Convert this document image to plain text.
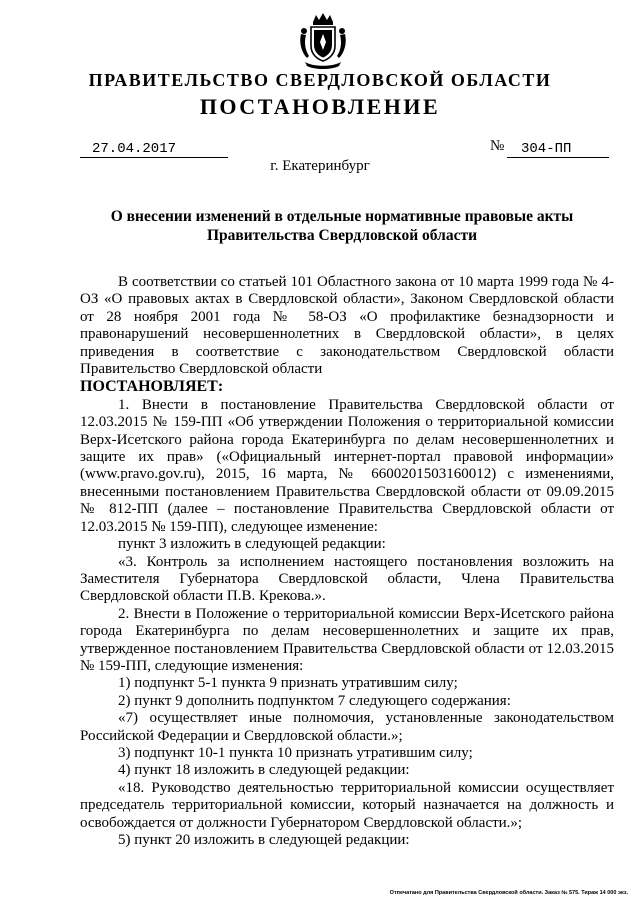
ПРАВИТЕЛЬСТВО СВЕРДЛОВСКОЙ ОБЛАСТИ
ПОСТАНОВЛЕНИЕ
27.04.2017	№	304-ПП
г. Екатеринбург
О внесении изменений в отдельные нормативные правовые акты
Правительства Свердловской области

В соответствии со статьей 101 Областного закона от 10 марта 1999 года № 4-ОЗ «О правовых актах в Свердловской области», Законом Свердловской области от 28 ноября 2001 года № 58-ОЗ «О профилактике безнадзорности и правонарушений несовершеннолетних в Свердловской области», в целях приведения в соответствие с законодательством Свердловской области Правительство Свердловской области

ПОСТАНОВЛЯЕТ:

1. Внести в постановление Правительства Свердловской области от 12.03.2015 № 159-ПП «Об утверждении Положения о территориальной комиссии Верх-Исетского района города Екатеринбурга по делам несовершеннолетних и защите их прав» («Официальный интернет-портал правовой информации» (www.pravo.gov.ru), 2015, 16 марта, № 6600201503160012) с изменениями, внесенными постановлением Правительства Свердловской области от 09.09.2015 № 812-ПП (далее – постановление Правительства Свердловской области от 12.03.2015 № 159-ПП), следующее изменение:

пункт 3 изложить в следующей редакции:

«3. Контроль за исполнением настоящего постановления возложить на Заместителя Губернатора Свердловской области, Члена Правительства Свердловской области П.В. Крекова.».

2. Внести в Положение о территориальной комиссии Верх-Исетского района города Екатеринбурга по делам несовершеннолетних и защите их прав, утвержденное постановлением Правительства Свердловской области от 12.03.2015 № 159-ПП, следующие изменения:

1) подпункт 5-1 пункта 9 признать утратившим силу;

2) пункт 9 дополнить подпунктом 7 следующего содержания:

«7) осуществляет иные полномочия, установленные законодательством Российской Федерации и Свердловской области.»;

3) подпункт 10-1 пункта 10 признать утратившим силу;

4) пункт 18 изложить в следующей редакции:

«18. Руководство деятельностью территориальной комиссии осуществляет председатель территориальной комиссии, который назначается на должность и освобождается от должности Губернатором Свердловской области.»;

5) пункт 20 изложить в следующей редакции:

Отпечатано для Правительства Свердловской области. Заказ № 575. Тираж 14 000 экз.
